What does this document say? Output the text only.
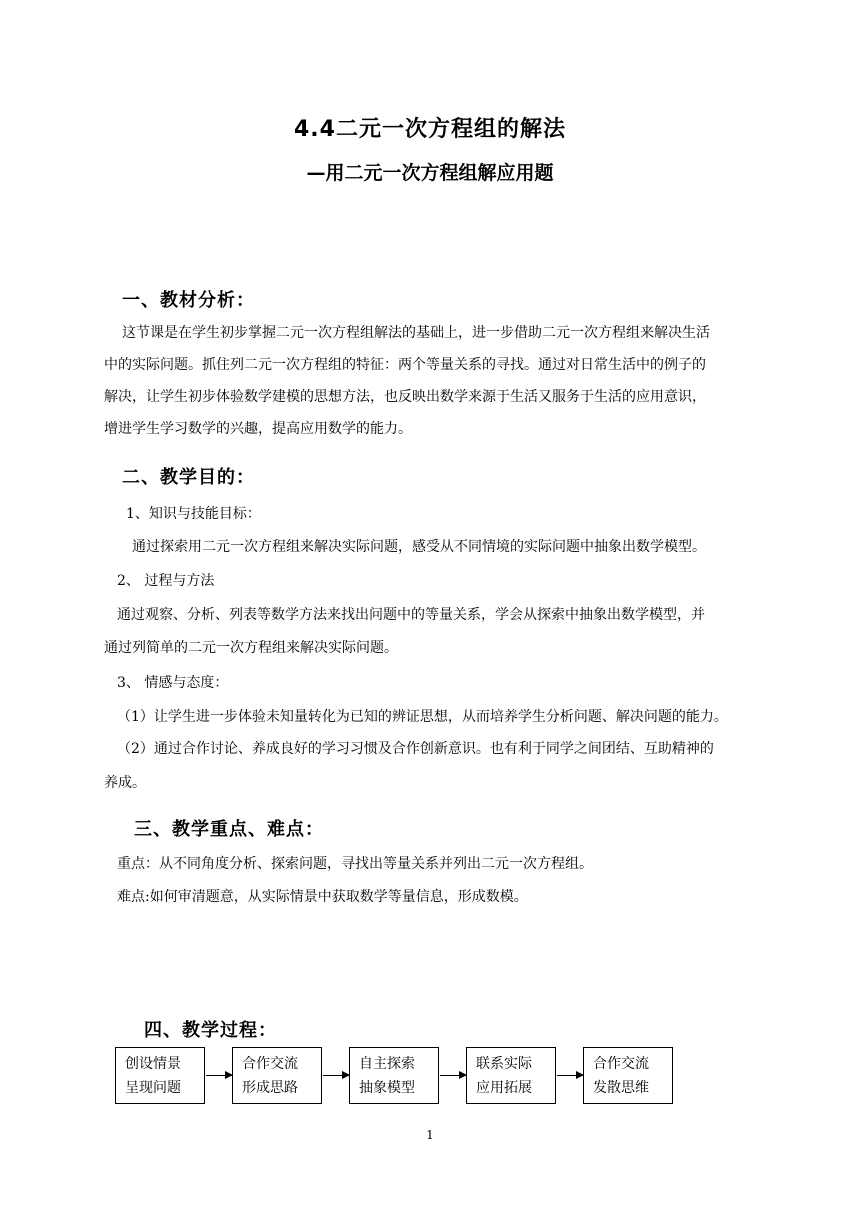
4.4二元一次方程组的解法
—用二元一次方程组解应用题
一、教材分析：
这节课是在学生初步掌握二元一次方程组解法的基础上，进一步借助二元一次方程组来解决生活
中的实际问题。抓住列二元一次方程组的特征：两个等量关系的寻找。通过对日常生活中的例子的
解决，让学生初步体验数学建模的思想方法，也反映出数学来源于生活又服务于生活的应用意识，
增进学生学习数学的兴趣，提高应用数学的能力。
二、教学目的：
1、知识与技能目标：
通过探索用二元一次方程组来解决实际问题，感受从不同情境的实际问题中抽象出数学模型。
2、 过程与方法
通过观察、分析、列表等数学方法来找出问题中的等量关系，学会从探索中抽象出数学模型，并
通过列简单的二元一次方程组来解决实际问题。
3、 情感与态度：
（1）让学生进一步体验未知量转化为已知的辨证思想，从而培养学生分析问题、解决问题的能力。
（2）通过合作讨论、养成良好的学习习惯及合作创新意识。也有利于同学之间团结、互助精神的
养成。
三、教学重点、难点：
重点：从不同角度分析、探索问题，寻找出等量关系并列出二元一次方程组。
难点:如何审清题意，从实际情景中获取数学等量信息，形成数模。
四、教学过程：
创设情景
呈现问题
合作交流
形成思路
自主探索
抽象模型
联系实际
应用拓展
合作交流
发散思维
1
